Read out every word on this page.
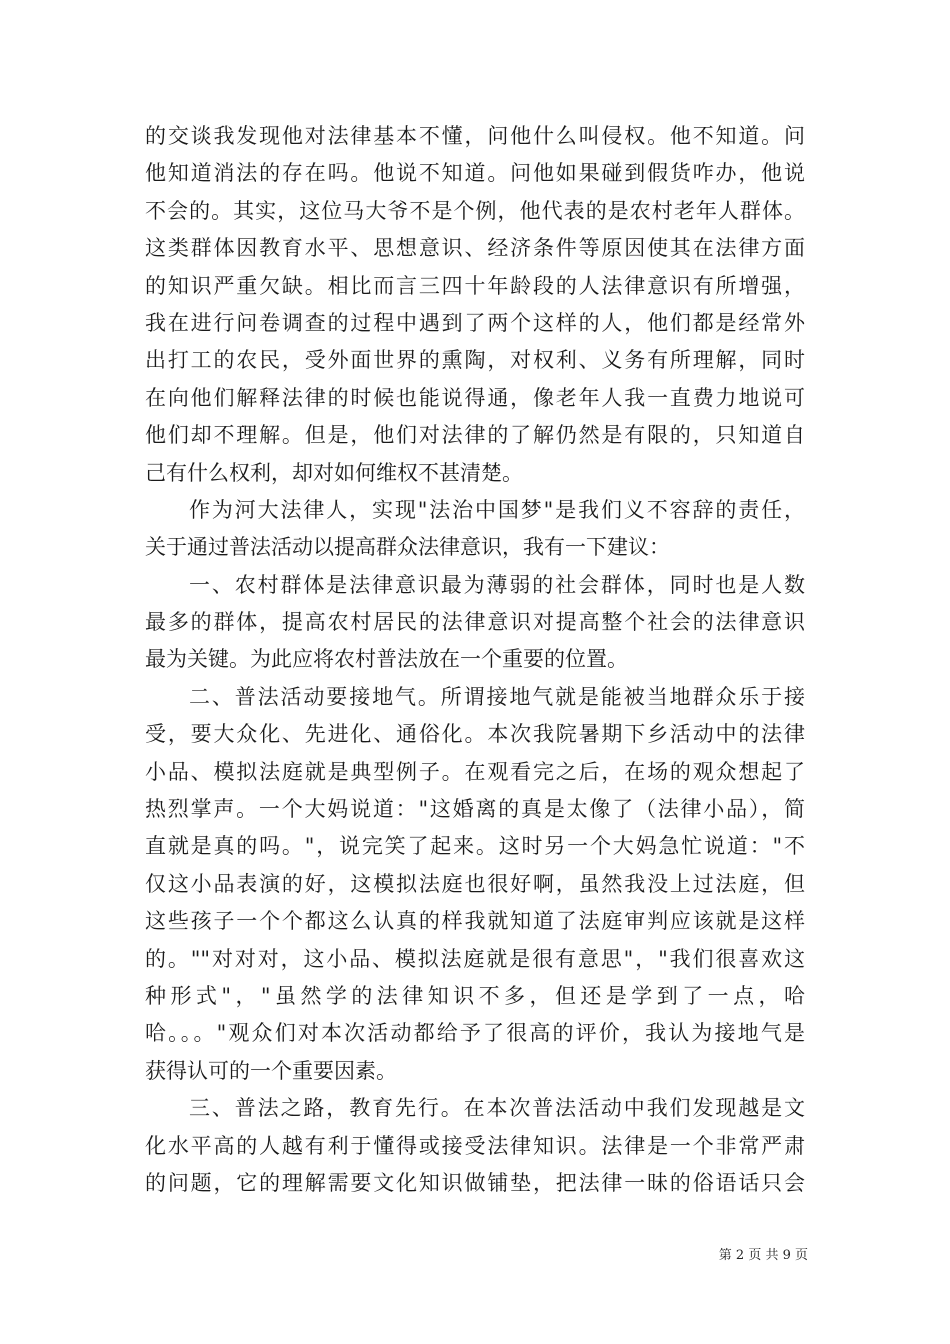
的交谈我发现他对法律基本不懂，问他什么叫侵权。他不知道。问
他知道消法的存在吗。他说不知道。问他如果碰到假货咋办，他说
不会的。其实，这位马大爷不是个例，他代表的是农村老年人群体。
这类群体因教育水平、思想意识、经济条件等原因使其在法律方面
的知识严重欠缺。相比而言三四十年龄段的人法律意识有所增强，
我在进行问卷调查的过程中遇到了两个这样的人，他们都是经常外
出打工的农民，受外面世界的熏陶，对权利、义务有所理解，同时
在向他们解释法律的时候也能说得通，像老年人我一直费力地说可
他们却不理解。但是，他们对法律的了解仍然是有限的，只知道自
己有什么权利，却对如何维权不甚清楚。
作为河大法律人，实现"法治中国梦"是我们义不容辞的责任，
关于通过普法活动以提高群众法律意识，我有一下建议：
一、农村群体是法律意识最为薄弱的社会群体，同时也是人数
最多的群体，提高农村居民的法律意识对提高整个社会的法律意识
最为关键。为此应将农村普法放在一个重要的位置。
二、普法活动要接地气。所谓接地气就是能被当地群众乐于接
受，要大众化、先进化、通俗化。本次我院暑期下乡活动中的法律
小品、模拟法庭就是典型例子。在观看完之后，在场的观众想起了
热烈掌声。一个大妈说道："这婚离的真是太像了（法律小品），简
直就是真的吗。"，说完笑了起来。这时另一个大妈急忙说道："不
仅这小品表演的好，这模拟法庭也很好啊，虽然我没上过法庭，但
这些孩子一个个都这么认真的样我就知道了法庭审判应该就是这样
的。""对对对，这小品、模拟法庭就是很有意思"，"我们很喜欢这
种形式"，"虽然学的法律知识不多，但还是学到了一点，哈
哈。。。"观众们对本次活动都给予了很高的评价，我认为接地气是
获得认可的一个重要因素。
三、普法之路，教育先行。在本次普法活动中我们发现越是文
化水平高的人越有利于懂得或接受法律知识。法律是一个非常严肃
的问题，它的理解需要文化知识做铺垫，把法律一昧的俗语话只会
第 2 页 共 9 页
